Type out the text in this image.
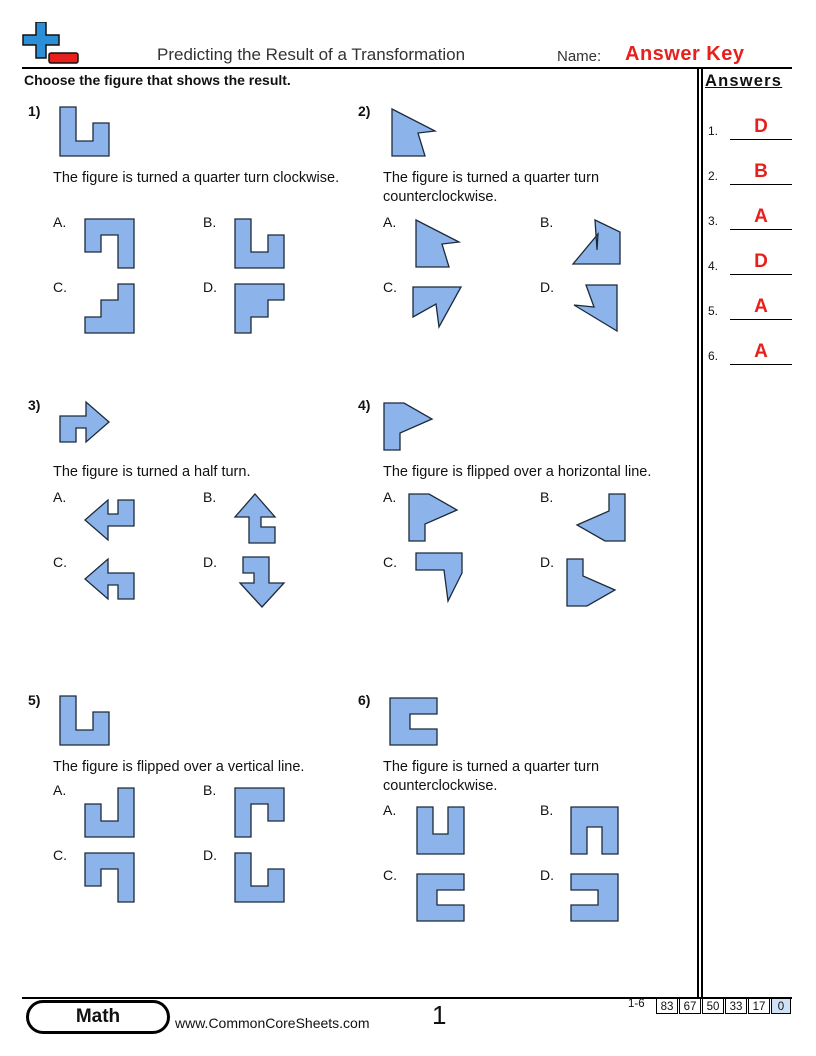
Predicting the Result of a Transformation	Name: Answer Key
Choose the figure that shows the result.	Answers
1.	D
2.	B
3.	A
4.	D
5.	A
6.	A
1)
The figure is turned a quarter turn clockwise.
A.	B.
C.	D.
2)
The figure is turned a quarter turn counterclockwise.
A.	B.
C.	D.
3)
The figure is turned a half turn.
A.	B.
C.	D.
4)
The figure is flipped over a horizontal line.
A.	B.
C.	D.
5)
The figure is flipped over a vertical line.
A.	B.
C.	D.
6)
The figure is turned a quarter turn counterclockwise.
A.	B.
C.	D.
Math	www.CommonCoreSheets.com 1	1-6	83 67 50 33 17	0
